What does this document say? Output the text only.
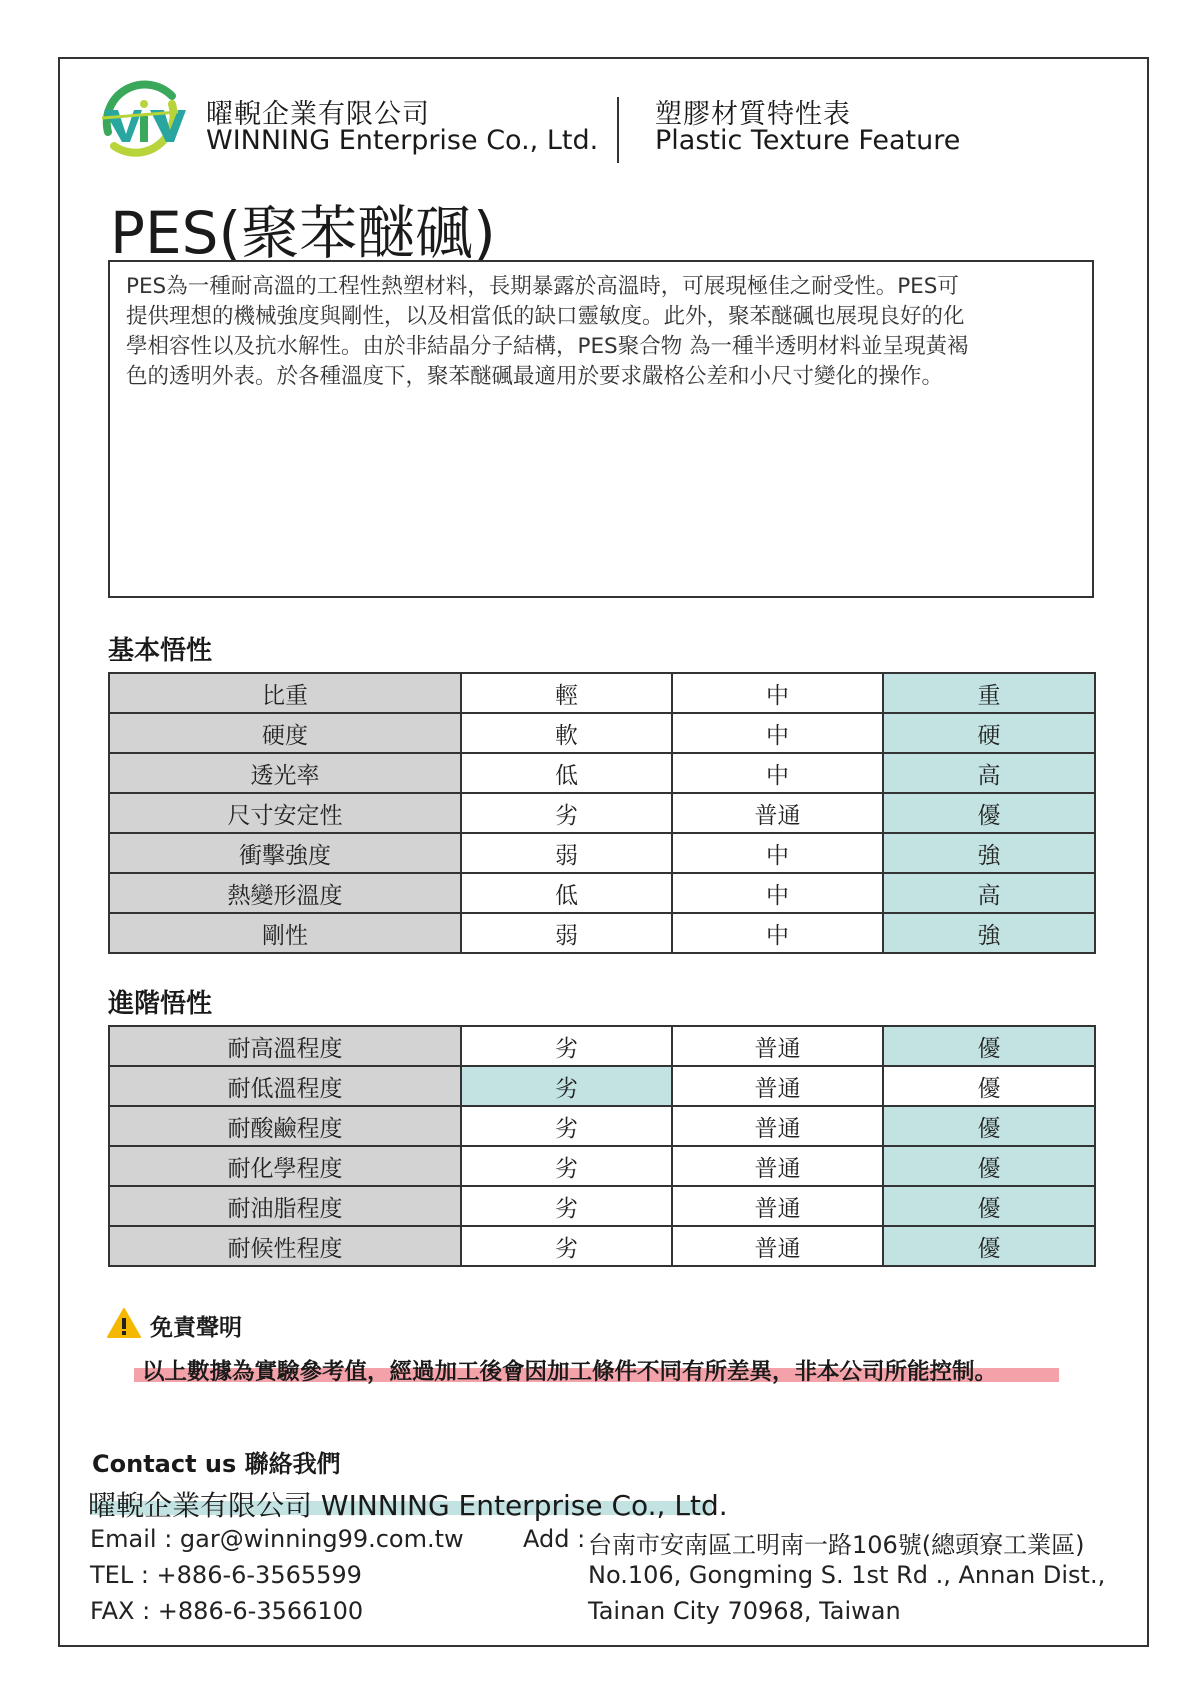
曜輗企業有限公司
WINNING Enterprise Co., Ltd.
塑膠材質特性表
Plastic Texture Feature
PES(聚苯醚碸)
PES為一種耐高溫的工程性熱塑材料，長期暴露於高溫時，可展現極佳之耐受性。PES可
提供理想的機械強度與剛性，以及相當低的缺口靈敏度。此外，聚苯醚碸也展現良好的化
學相容性以及抗水解性。由於非結晶分子結構，PES聚合物 為一種半透明材料並呈現黃褐
色的透明外表。於各種溫度下，聚苯醚碸最適用於要求嚴格公差和小尺寸變化的操作。
基本悟性
比重	輕	中	重
硬度	軟	中	硬
透光率	低	中	高
尺寸安定性	劣	普通	優
衝擊強度	弱	中	強
熱變形溫度	低	中	高
剛性	弱	中	強
進階悟性
耐高溫程度	劣	普通	優
耐低溫程度	劣	普通	優
耐酸鹼程度	劣	普通	優
耐化學程度	劣	普通	優
耐油脂程度	劣	普通	優
耐候性程度	劣	普通	優
免責聲明
以上數據為實驗參考值，經過加工後會因加工條件不同有所差異，非本公司所能控制。
Contact us 聯絡我們
曜輗企業有限公司 WINNING Enterprise Co., Ltd.
Email : gar@winning99.com.tw
TEL : +886-6-3565599
FAX : +886-6-3566100
Add : 台南市安南區工明南一路106號(總頭寮工業區)
No.106, Gongming S. 1st Rd ., Annan Dist.,
Tainan City 70968, Taiwan
